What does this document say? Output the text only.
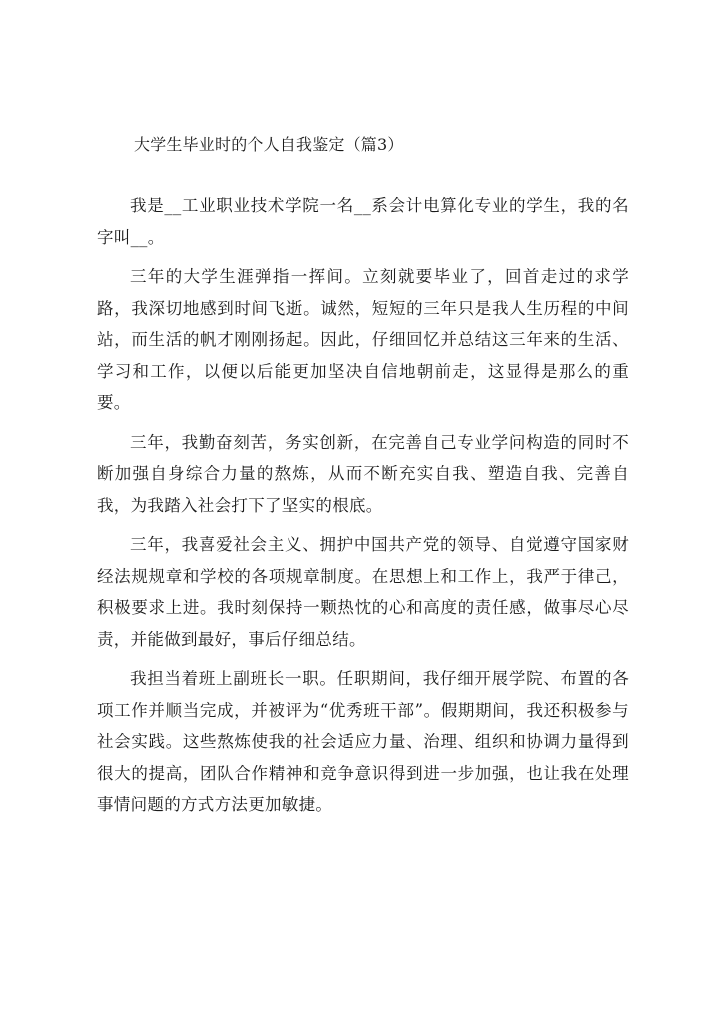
大学生毕业时的个人自我鉴定（篇3）

我是__工业职业技术学院一名__系会计电算化专业的学生，我的名字叫__。

三年的大学生涯弹指一挥间。立刻就要毕业了，回首走过的求学路，我深切地感到时间飞逝。诚然，短短的三年只是我人生历程的中间站，而生活的帆才刚刚扬起。因此，仔细回忆并总结这三年来的生活、学习和工作，以便以后能更加坚决自信地朝前走，这显得是那么的重要。

三年，我勤奋刻苦，务实创新，在完善自己专业学问构造的同时不断加强自身综合力量的熬炼，从而不断充实自我、塑造自我、完善自我，为我踏入社会打下了坚实的根底。

三年，我喜爱社会主义、拥护中国共产党的领导、自觉遵守国家财经法规规章和学校的各项规章制度。在思想上和工作上，我严于律己，积极要求上进。我时刻保持一颗热忱的心和高度的责任感，做事尽心尽责，并能做到最好，事后仔细总结。

我担当着班上副班长一职。任职期间，我仔细开展学院、布置的各项工作并顺当完成，并被评为“优秀班干部”。假期期间，我还积极参与社会实践。这些熬炼使我的社会适应力量、治理、组织和协调力量得到很大的提高，团队合作精神和竞争意识得到进一步加强，也让我在处理事情问题的方式方法更加敏捷。
